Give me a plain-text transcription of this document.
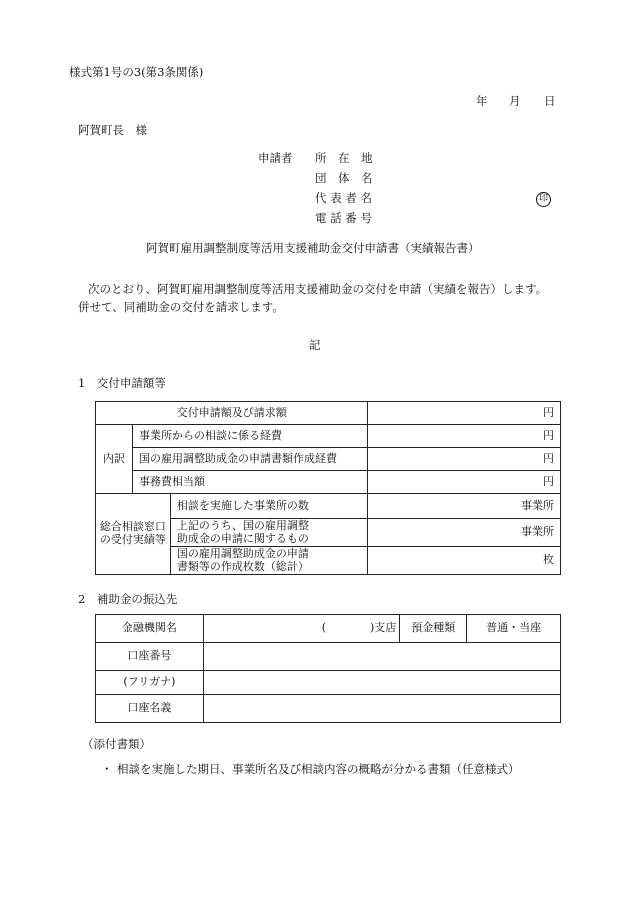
様式第1号の3(第3条関係)
年 月 日
阿賀町長　様
申請者 所　在　地
団　体　名
代 表 者 名
電 話 番 号
印
阿賀町雇用調整制度等活用支援補助金交付申請書（実績報告書）
次のとおり、阿賀町雇用調整制度等活用支援補助金の交付を申請（実績を報告）します。
併せて、同補助金の交付を請求します。
記
1　交付申請額等
交付申請額及び請求額			円
内訳	事業所からの相談に係る経費		円
	国の雇用調整助成金の申請書類作成経費		円
	事務費相当額		円

総合相談窓口
の受付実績等		相談を実施した事業所の数	事業所

		上記のうち、国の雇用調整
助成金の申請に関するもの	事業所

		国の雇用調整助成金の申請
書類等の作成枚数（総計）	枚
2　補助金の振込先
金融機関名	(　　　　)支店	預金種類	普通・当座
口座番号			
(フリガナ)			
口座名義			
（添付書類）
・ 相談を実施した期日、事業所名及び相談内容の概略が分かる書類（任意様式）
